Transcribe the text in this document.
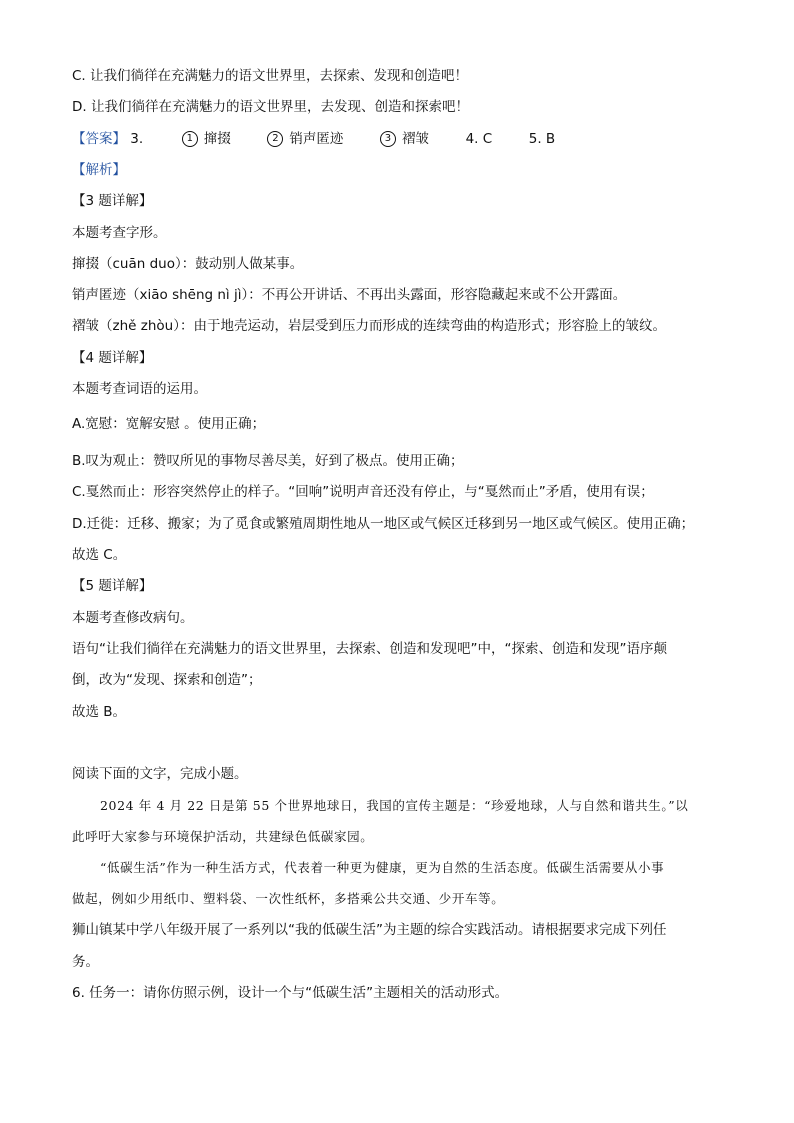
C. 让我们徜徉在充满魅力的语文世界里，去探索、发现和创造吧！
D. 让我们徜徉在充满魅力的语文世界里，去发现、创造和探索吧！
【答案】 3.	1 撺掇	2 销声匿迹	3 褶皱	4. C	5. B
【解析】
【3 题详解】
本题考查字形。
撺掇（cuān duo）：鼓动别人做某事。
销声匿迹（xiāo shēng nì jì）：不再公开讲话、不再出头露面，形容隐藏起来或不公开露面。
褶皱（zhě zhòu）：由于地壳运动，岩层受到压力而形成的连续弯曲的构造形式；形容脸上的皱纹。
【4 题详解】
本题考查词语的运用。
A.宽慰：宽解安慰 。使用正确；
B.叹为观止：赞叹所见的事物尽善尽美，好到了极点。使用正确；
C.戛然而止：形容突然停止的样子。“回响”说明声音还没有停止，与“戛然而止”矛盾，使用有误；
D.迁徙：迁移、搬家；为了觅食或繁殖周期性地从一地区或气候区迁移到另一地区或气候区。使用正确；
故选 C。
【5 题详解】
本题考查修改病句。
语句“让我们徜徉在充满魅力的语文世界里，去探索、创造和发现吧”中，“探索、创造和发现”语序颠
倒，改为“发现、探索和创造”；
故选 B。
阅读下面的文字，完成小题。
2024 年 4 月 22 日是第 55 个世界地球日，我国的宣传主题是：“珍爱地球，人与自然和谐共生。”以
此呼吁大家参与环境保护活动，共建绿色低碳家园。
“低碳生活”作为一种生活方式，代表着一种更为健康，更为自然的生活态度。低碳生活需要从小事
做起，例如少用纸巾、塑料袋、一次性纸杯，多搭乘公共交通、少开车等。
狮山镇某中学八年级开展了一系列以“我的低碳生活”为主题的综合实践活动。请根据要求完成下列任
务。
6. 任务一：请你仿照示例，设计一个与“低碳生活”主题相关的活动形式。
